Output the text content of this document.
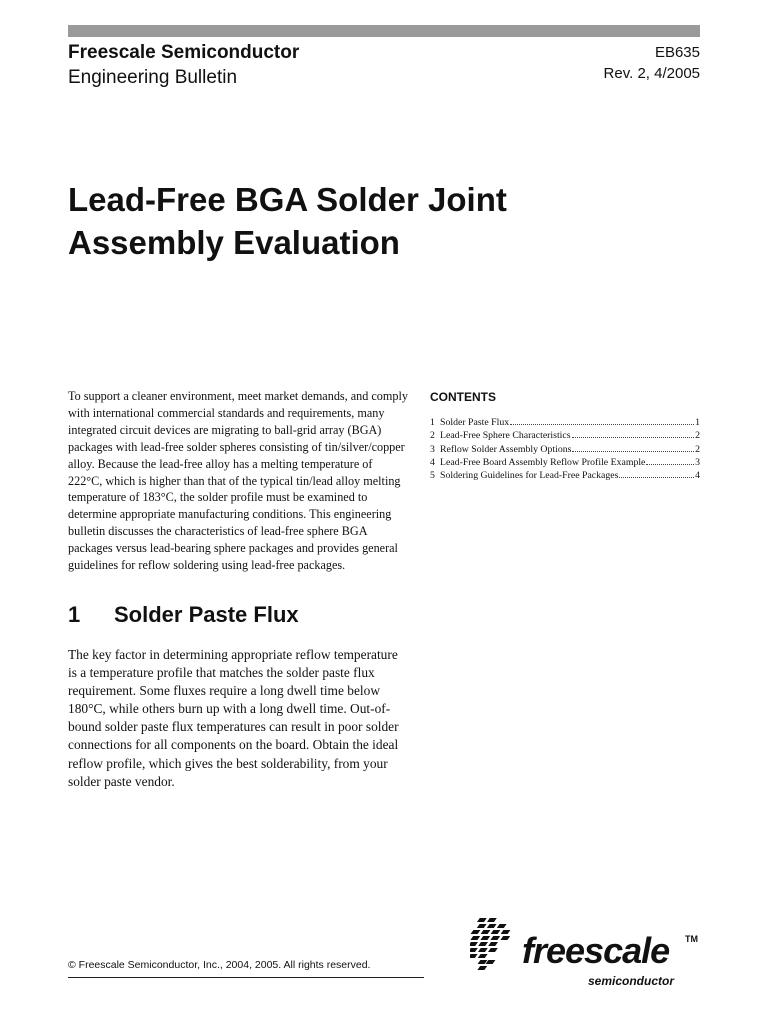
Freescale Semiconductor
Engineering Bulletin
EB635
Rev. 2, 4/2005
Lead-Free BGA Solder Joint
Assembly Evaluation

To support a cleaner environment, meet market demands, and comply with international commercial standards and requirements, many integrated circuit devices are migrating to ball-grid array (BGA) packages with lead-free solder spheres consisting of tin/silver/copper alloy. Because the lead-free alloy has a melting temperature of 222°C, which is higher than that of the typical tin/lead alloy melting temperature of 183°C, the solder profile must be examined to determine appropriate manufacturing conditions. This engineering bulletin discusses the characteristics of lead-free sphere BGA packages versus lead-bearing sphere packages and provides general guidelines for reflow soldering using lead-free packages.

1	Solder Paste Flux

The key factor in determining appropriate reflow temperature is a temperature profile that matches the solder paste flux requirement. Some fluxes require a long dwell time below 180°C, while others burn up with a long dwell time. Out-of-bound solder paste flux temperatures can result in poor solder connections for all components on the board. Obtain the ideal reflow profile, which gives the best solderability, from your solder paste vendor.

CONTENTS
1 Solder Paste Flux	1
2 Lead-Free Sphere Characteristics	2
3 Reflow Solder Assembly Options	2
4 Lead-Free Board Assembly Reflow Profile Example	3
5 Soldering Guidelines for Lead-Free Packages	4
© Freescale Semiconductor, Inc., 2004, 2005. All rights reserved.	freescale TM
semiconductor
